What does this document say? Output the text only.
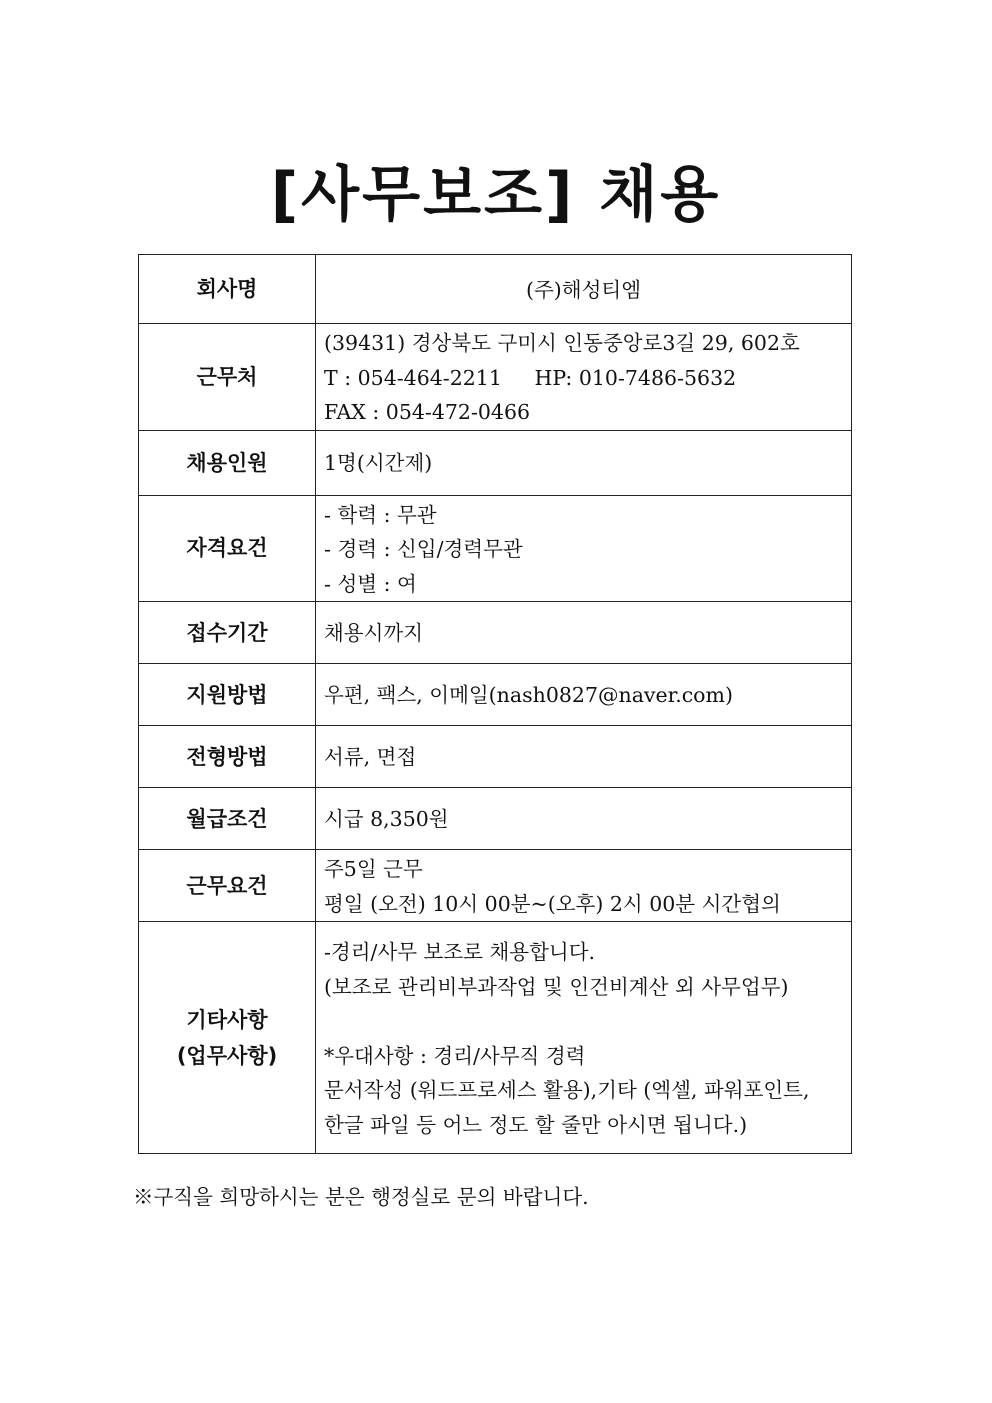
[사무보조] 채용
회사명	(주)해성티엠

근무처	(39431) 경상북도 구미시 인동중앙로3길 29, 602호
T : 054-464-2211     HP: 010-7486-5632
FAX : 054-472-0466

채용인원	1명(시간제)

자격요건	- 학력 : 무관
- 경력 : 신입/경력무관
- 성별 : 여

접수기간	채용시까지

지원방법	우편, 팩스, 이메일(nash0827@naver.com)

전형방법	서류, 면접

월급조건	시급 8,350원

근무요건	주5일 근무
평일 (오전) 10시 00분~(오후) 2시 00분 시간협의

기타사항
(업무사항)	-경리/사무 보조로 채용합니다.
(보조로 관리비부과작업 및 인건비계산 외 사무업무)
*우대사항 : 경리/사무직 경력
문서작성 (워드프로세스 활용),기타 (엑셀, 파워포인트,
한글 파일 등 어느 정도 할 줄만 아시면 됩니다.)
※구직을 희망하시는 분은 행정실로 문의 바랍니다.
